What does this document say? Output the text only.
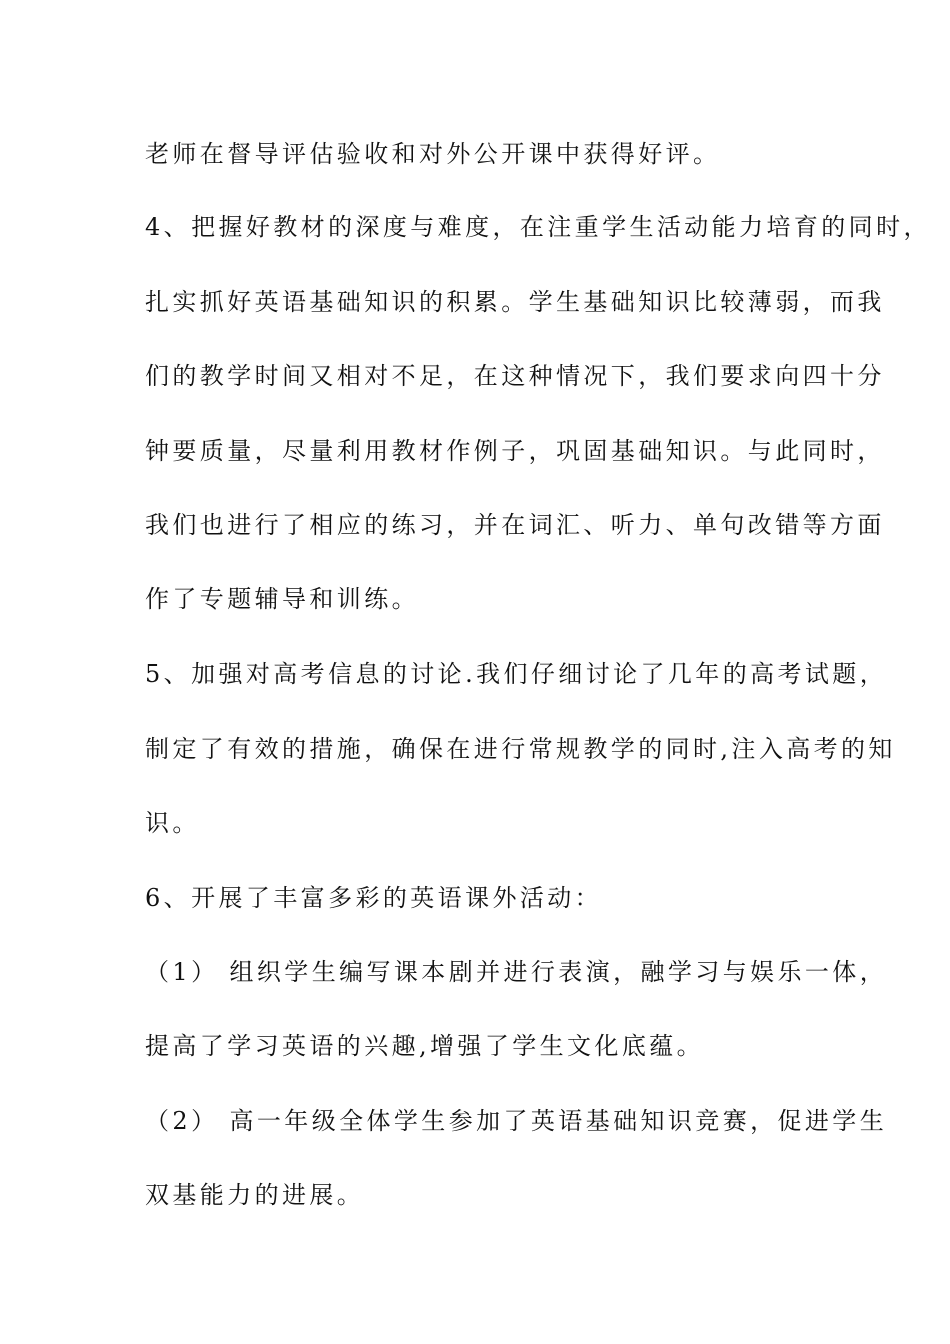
老师在督导评估验收和对外公开课中获得好评。
4、把握好教材的深度与难度，在注重学生活动能力培育的同时，
扎实抓好英语基础知识的积累。学生基础知识比较薄弱，而我
们的教学时间又相对不足，在这种情况下，我们要求向四十分
钟要质量，尽量利用教材作例子，巩固基础知识。与此同时，
我们也进行了相应的练习，并在词汇、听力、单句改错等方面
作了专题辅导和训练。
5、加强对高考信息的讨论.我们仔细讨论了几年的高考试题，
制定了有效的措施，确保在进行常规教学的同时,注入高考的知
识。
6、开展了丰富多彩的英语课外活动：
（1） 组织学生编写课本剧并进行表演，融学习与娱乐一体，
提高了学习英语的兴趣,增强了学生文化底蕴。
（2） 高一年级全体学生参加了英语基础知识竞赛，促进学生
双基能力的进展。
